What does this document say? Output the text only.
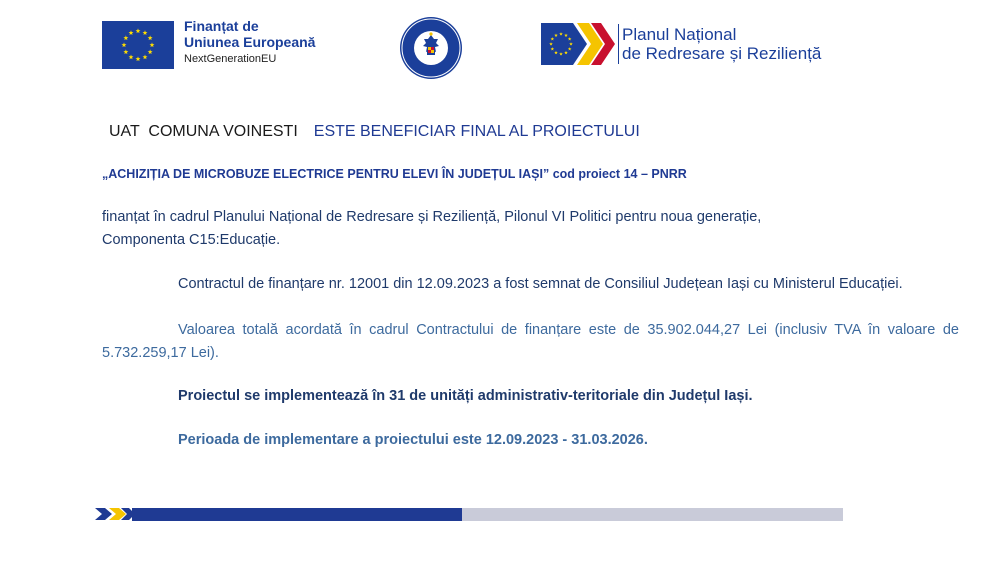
Finanțat de
Uniunea Europeană
NextGenerationEU
Planul Național
de Redresare și Reziliență
UAT  COMUNA VOINESTI ESTE BENEFICIAR FINAL AL PROIECTULUI
„ACHIZIȚIA DE MICROBUZE ELECTRICE PENTRU ELEVI ÎN JUDEȚUL IAȘI” cod proiect 14 – PNRR
finanțat în cadrul Planului Național de Redresare și Reziliență, Pilonul VI Politici pentru noua generație,
Componenta C15:Educație.
Contractul de finanțare nr. 12001 din 12.09.2023 a fost semnat de Consiliul Județean Iași cu Ministerul Educației.
Valoarea totală acordată în cadrul Contractului de finanțare este de 35.902.044,27 Lei (inclusiv TVA în valoare de 5.732.259,17 Lei).
Proiectul se implementează în 31 de unități administrativ-teritoriale din Județul Iași.
Perioada de implementare a proiectului este 12.09.2023 - 31.03.2026.
